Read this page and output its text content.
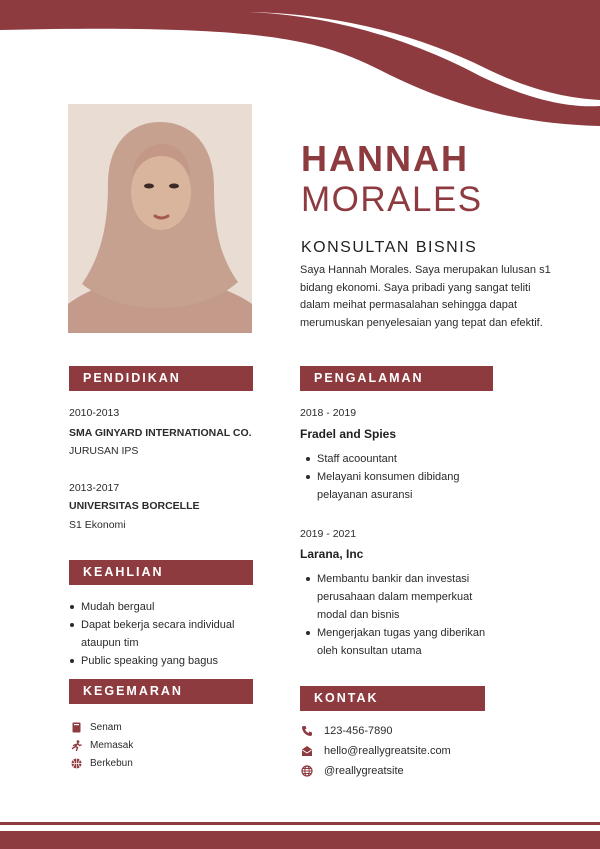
HANNAH
MORALES
KONSULTAN BISNIS
Saya Hannah Morales. Saya merupakan lulusan s1 bidang ekonomi. Saya pribadi yang sangat teliti dalam meihat permasalahan sehingga dapat merumuskan penyelesaian yang tepat dan efektif.
PENDIDIKAN
2010-2013
SMA GINYARD INTERNATIONAL CO.
JURUSAN IPS
2013-2017
UNIVERSITAS BORCELLE
S1 Ekonomi
KEAHLIAN
Mudah bergaul
Dapat bekerja secara individual ataupun tim
Public speaking yang bagus
KEGEMARAN
Senam
Memasak
Berkebun
PENGALAMAN
2018 - 2019
Fradel and Spies
Staff acoountant
Melayani konsumen dibidang pelayanan asuransi
2019 - 2021
Larana, Inc
Membantu bankir dan investasi perusahaan dalam memperkuat modal dan bisnis
Mengerjakan tugas yang diberikan oleh konsultan utama
KONTAK
123-456-7890
hello@reallygreatsite.com
@reallygreatsite
